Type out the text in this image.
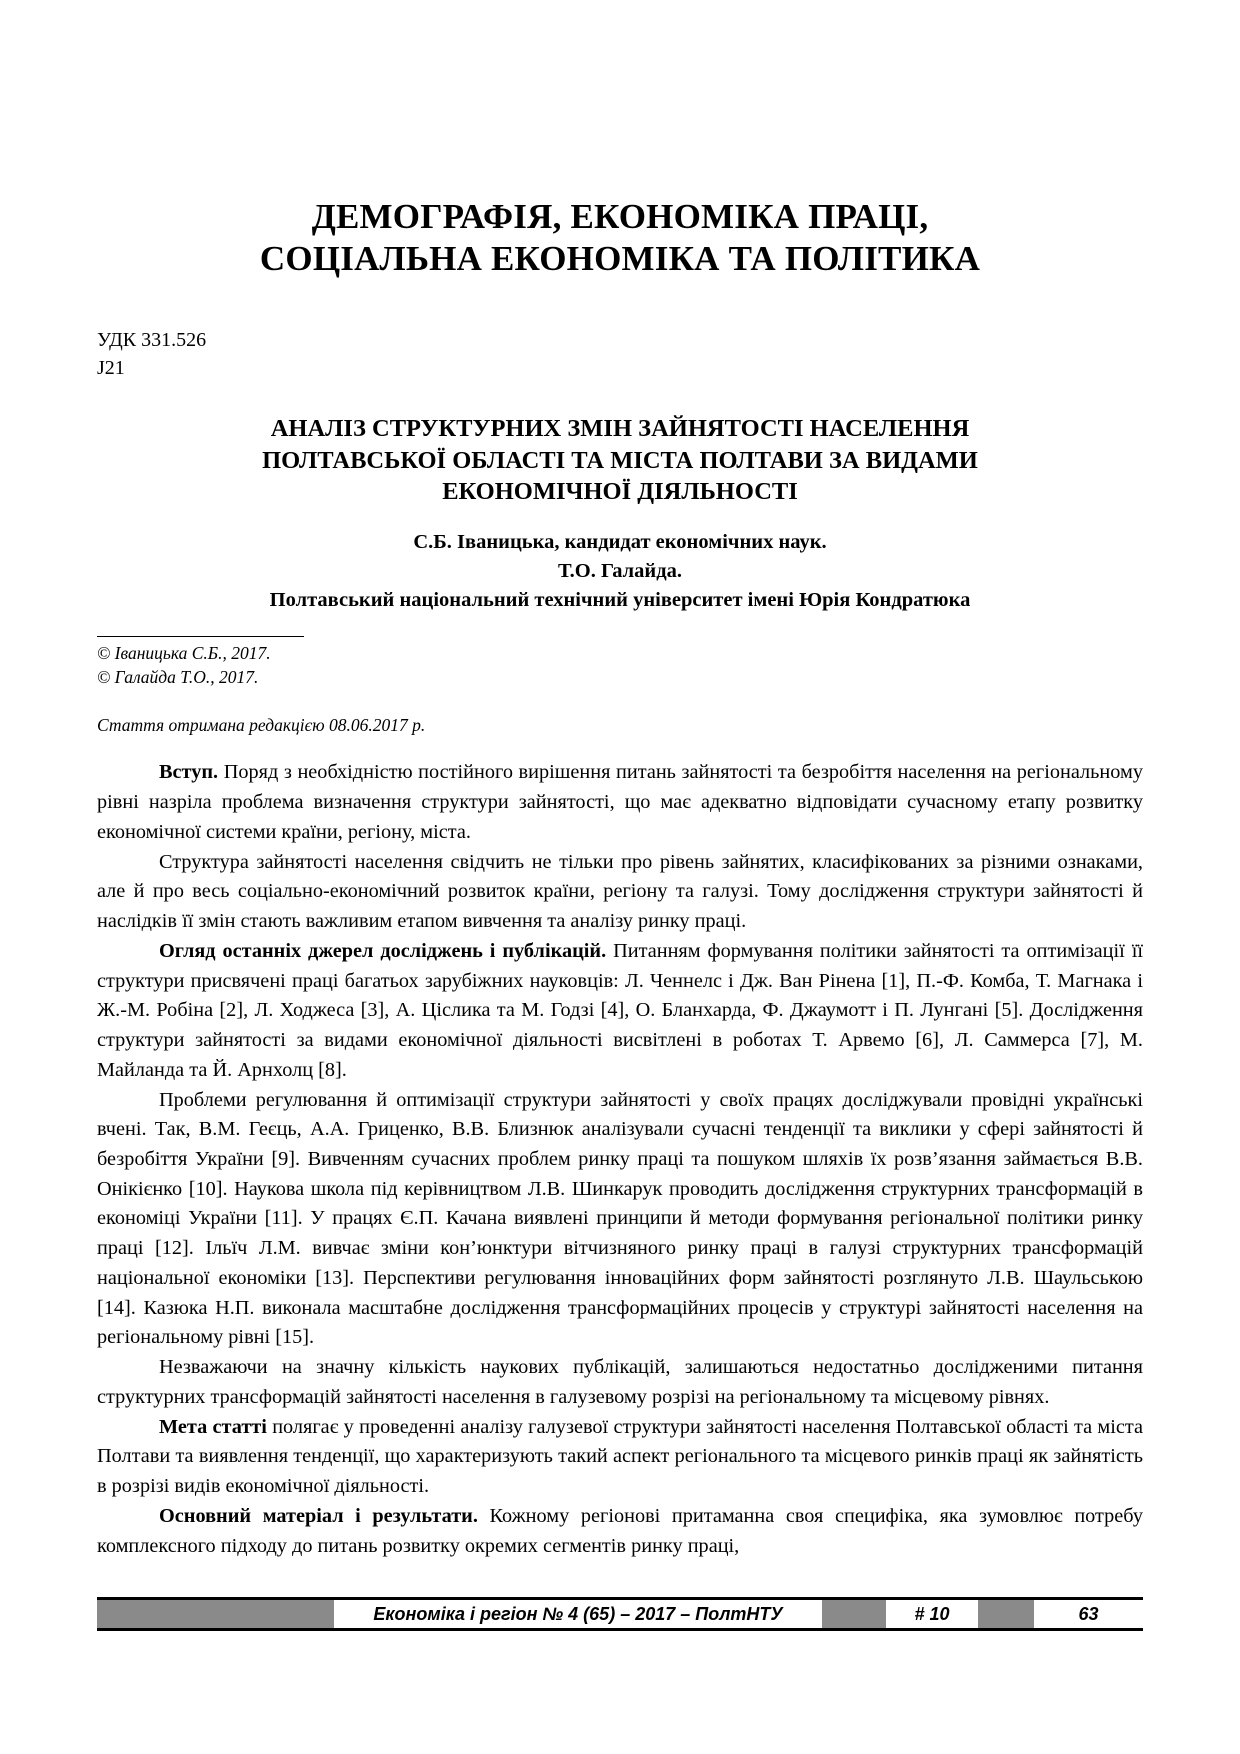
ДЕМОГРАФІЯ, ЕКОНОМІКА ПРАЦІ,
СОЦІАЛЬНА ЕКОНОМІКА ТА ПОЛІТИКА
УДК 331.526
J21
АНАЛІЗ СТРУКТУРНИХ ЗМІН ЗАЙНЯТОСТІ НАСЕЛЕННЯ
ПОЛТАВСЬКОЇ ОБЛАСТІ ТА МІСТА ПОЛТАВИ ЗА ВИДАМИ
ЕКОНОМІЧНОЇ ДІЯЛЬНОСТІ
С.Б. Іваницька, кандидат економічних наук.
Т.О. Галайда.
Полтавський національний технічний університет імені Юрія Кондратюка
© Іваницька С.Б., 2017.
© Галайда Т.О., 2017.
Стаття отримана редакцією 08.06.2017 р.

Вступ. Поряд з необхідністю постійного вирішення питань зайнятості та безробіття населення на регіональному рівні назріла проблема визначення структури зайнятості, що має адекватно відповідати сучасному етапу розвитку економічної системи країни, регіону, міста.

Структура зайнятості населення свідчить не тільки про рівень зайнятих, класифікованих за різними ознаками, але й про весь соціально-економічний розвиток країни, регіону та галузі. Тому дослідження структури зайнятості й наслідків її змін стають важливим етапом вивчення та аналізу ринку праці.

Огляд останніх джерел досліджень і публікацій. Питанням формування політики зайнятості та оптимізації її структури присвячені праці багатьох зарубіжних науковців: Л. Ченнелс і Дж. Ван Рінена [1], П.-Ф. Комба, Т. Магнака і Ж.-М. Робіна [2], Л. Ходжеса [3], А. Ціслика та М. Годзі [4], О. Бланхарда, Ф. Джаумотт і П. Лунгані [5]. Дослідження структури зайнятості за видами економічної діяльності висвітлені в роботах Т. Арвемо [6], Л. Саммерса [7], М. Майланда та Й. Арнхолц [8].

Проблеми регулювання й оптимізації структури зайнятості у своїх працях досліджували провідні українські вчені. Так, В.М. Геєць, А.А. Гриценко, В.В. Близнюк аналізували сучасні тенденції та виклики у сфері зайнятості й безробіття України [9]. Вивченням сучасних проблем ринку праці та пошуком шляхів їх розв’язання займається В.В. Онікієнко [10]. Наукова школа під керівництвом Л.В. Шинкарук проводить дослідження структурних трансформацій в економіці України [11]. У працях Є.П. Качана виявлені принципи й методи формування регіональної політики ринку праці [12]. Ільїч Л.М. вивчає зміни кон’юнктури вітчизняного ринку праці в галузі структурних трансформацій національної економіки [13]. Перспективи регулювання інноваційних форм зайнятості розглянуто Л.В. Шаульською [14]. Казюка Н.П. виконала масштабне дослідження трансформаційних процесів у структурі зайнятості населення на регіональному рівні [15].

Незважаючи на значну кількість наукових публікацій, залишаються недостатньо дослідженими питання структурних трансформацій зайнятості населення в галузевому розрізі на регіональному та місцевому рівнях.

Мета статті полягає у проведенні аналізу галузевої структури зайнятості населення Полтавської області та міста Полтави та виявлення тенденції, що характеризують такий аспект регіонального та місцевого ринків праці як зайнятість в розрізі видів економічної діяльності.

Основний матеріал і результати. Кожному регіонові притаманна своя специфіка, яка зумовлює потребу комплексного підходу до питань розвитку окремих сегментів ринку праці,

Економіка і регіон № 4 (65) – 2017 – ПолтНТУ	# 10	63
